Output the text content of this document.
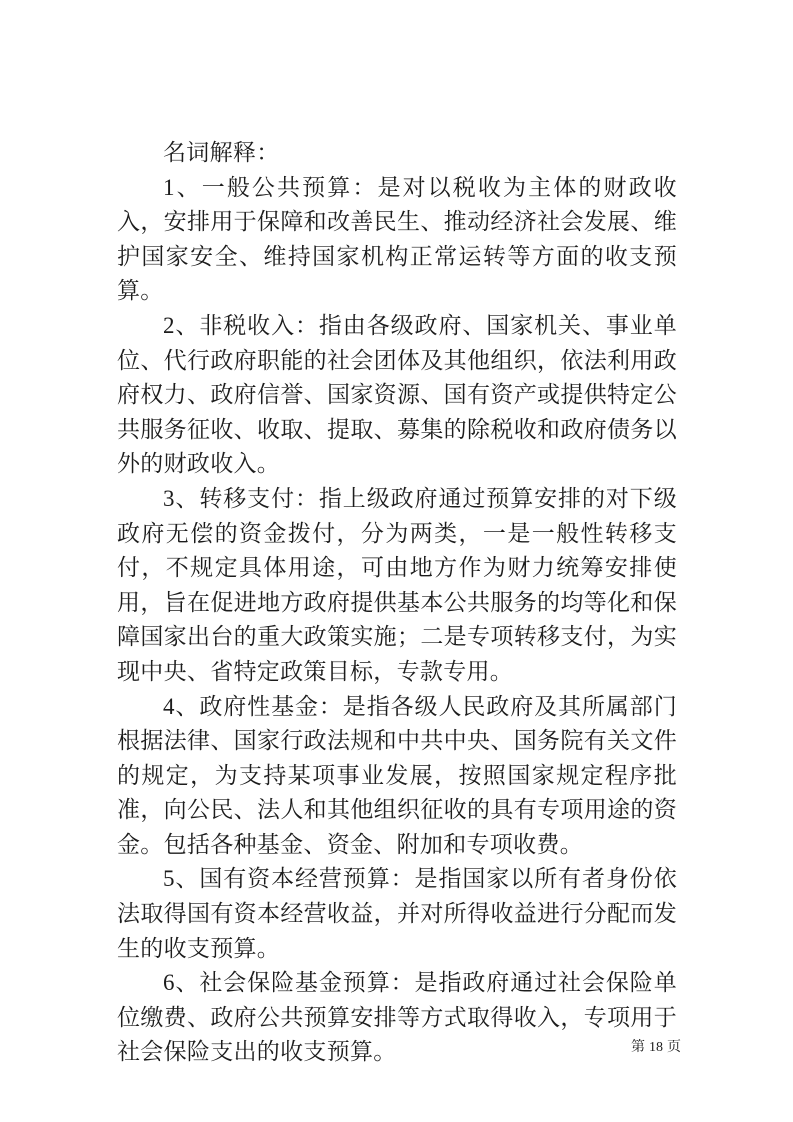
名词解释：

1、一般公共预算：是对以税收为主体的财政收入，安排用于保障和改善民生、推动经济社会发展、维护国家安全、维持国家机构正常运转等方面的收支预算。

2、非税收入：指由各级政府、国家机关、事业单位、代行政府职能的社会团体及其他组织，依法利用政府权力、政府信誉、国家资源、国有资产或提供特定公共服务征收、收取、提取、募集的除税收和政府债务以外的财政收入。

3、转移支付：指上级政府通过预算安排的对下级政府无偿的资金拨付，分为两类，一是一般性转移支付，不规定具体用途，可由地方作为财力统筹安排使用，旨在促进地方政府提供基本公共服务的均等化和保障国家出台的重大政策实施；二是专项转移支付，为实现中央、省特定政策目标，专款专用。

4、政府性基金：是指各级人民政府及其所属部门根据法律、国家行政法规和中共中央、国务院有关文件的规定，为支持某项事业发展，按照国家规定程序批准，向公民、法人和其他组织征收的具有专项用途的资金。包括各种基金、资金、附加和专项收费。

5、国有资本经营预算：是指国家以所有者身份依法取得国有资本经营收益，并对所得收益进行分配而发生的收支预算。

6、社会保险基金预算：是指政府通过社会保险单位缴费、政府公共预算安排等方式取得收入，专项用于社会保险支出的收支预算。	第 18 页
